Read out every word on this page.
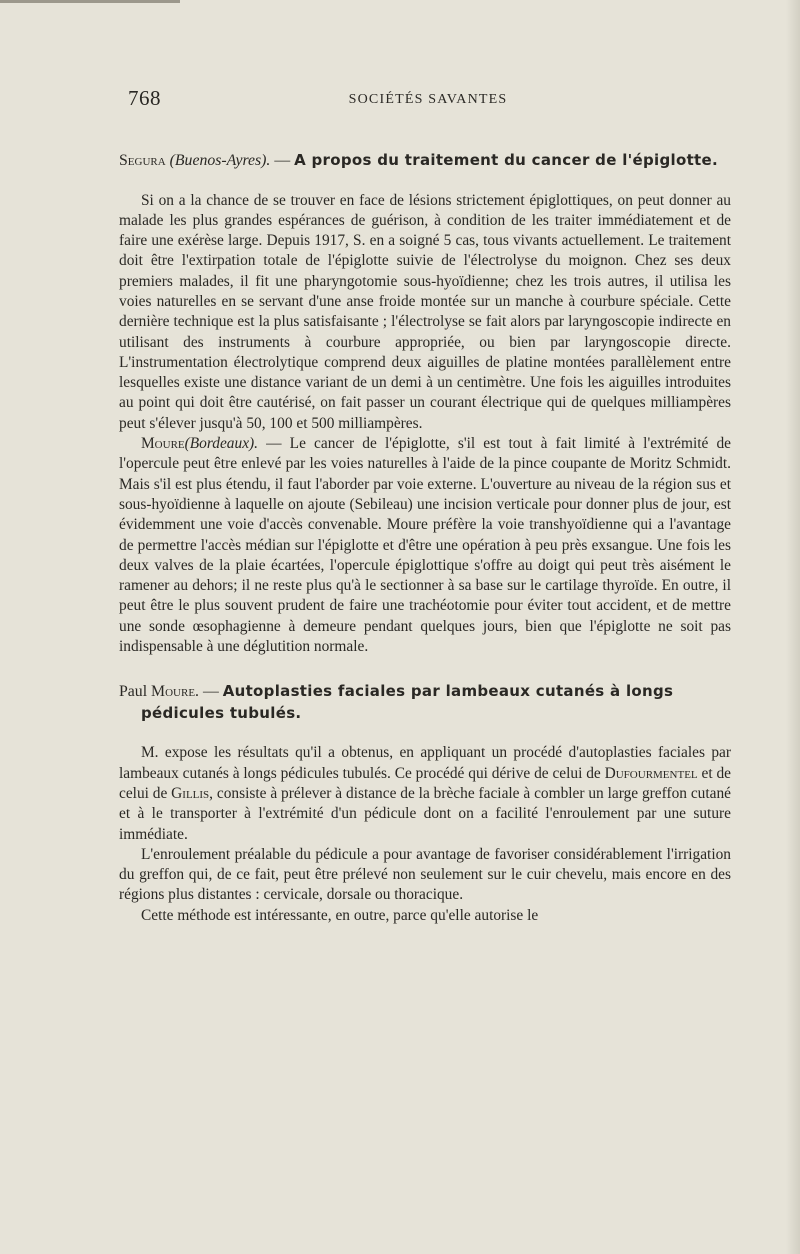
768	SOCIÉTÉS SAVANTES

Segura (Buenos-Ayres). — A propos du traitement du cancer de l'épiglotte.

Si on a la chance de se trouver en face de lésions strictement épiglottiques, on peut donner au malade les plus grandes espérances de guérison, à condition de les traiter immédiatement et de faire une exérèse large. Depuis 1917, S. en a soigné 5 cas, tous vivants actuellement. Le traitement doit être l'extirpation totale de l'épiglotte suivie de l'électrolyse du moignon. Chez ses deux premiers malades, il fit une pharyngotomie sous-hyoïdienne; chez les trois autres, il utilisa les voies naturelles en se servant d'une anse froide montée sur un manche à courbure spéciale. Cette dernière technique est la plus satisfaisante ; l'électrolyse se fait alors par laryngoscopie indirecte en utilisant des instruments à courbure appropriée, ou bien par laryngoscopie directe. L'instrumentation électrolytique comprend deux aiguilles de platine montées parallèlement entre lesquelles existe une distance variant de un demi à un centimètre. Une fois les aiguilles introduites au point qui doit être cautérisé, on fait passer un courant électrique qui de quelques milliampères peut s'élever jusqu'à 50, 100 et 500 milliampères.

Moure(Bordeaux). — Le cancer de l'épiglotte, s'il est tout à fait limité à l'extrémité de l'opercule peut être enlevé par les voies naturelles à l'aide de la pince coupante de Moritz Schmidt. Mais s'il est plus étendu, il faut l'aborder par voie externe. L'ouverture au niveau de la région sus et sous-hyoïdienne à laquelle on ajoute (Sebileau) une incision verticale pour donner plus de jour, est évidemment une voie d'accès convenable. Moure préfère la voie transhyoïdienne qui a l'avantage de permettre l'accès médian sur l'épiglotte et d'être une opération à peu près exsangue. Une fois les deux valves de la plaie écartées, l'opercule épiglottique s'offre au doigt qui peut très aisément le ramener au dehors; il ne reste plus qu'à le sectionner à sa base sur le cartilage thyroïde. En outre, il peut être le plus souvent prudent de faire une trachéotomie pour éviter tout accident, et de mettre une sonde œsophagienne à demeure pendant quelques jours, bien que l'épiglotte ne soit pas indispensable à une déglutition normale.

Paul Moure. — Autoplasties faciales par lambeaux cutanés à longs pédicules tubulés.

M. expose les résultats qu'il a obtenus, en appliquant un procédé d'autoplasties faciales par lambeaux cutanés à longs pédicules tubulés. Ce procédé qui dérive de celui de Dufourmentel et de celui de Gillis, consiste à prélever à distance de la brèche faciale à combler un large greffon cutané et à le transporter à l'extrémité d'un pédicule dont on a facilité l'enroulement par une suture immédiate.

L'enroulement préalable du pédicule a pour avantage de favoriser considérablement l'irrigation du greffon qui, de ce fait, peut être prélevé non seulement sur le cuir chevelu, mais encore en des régions plus distantes : cervicale, dorsale ou thoracique.

Cette méthode est intéressante, en outre, parce qu'elle autorise le
